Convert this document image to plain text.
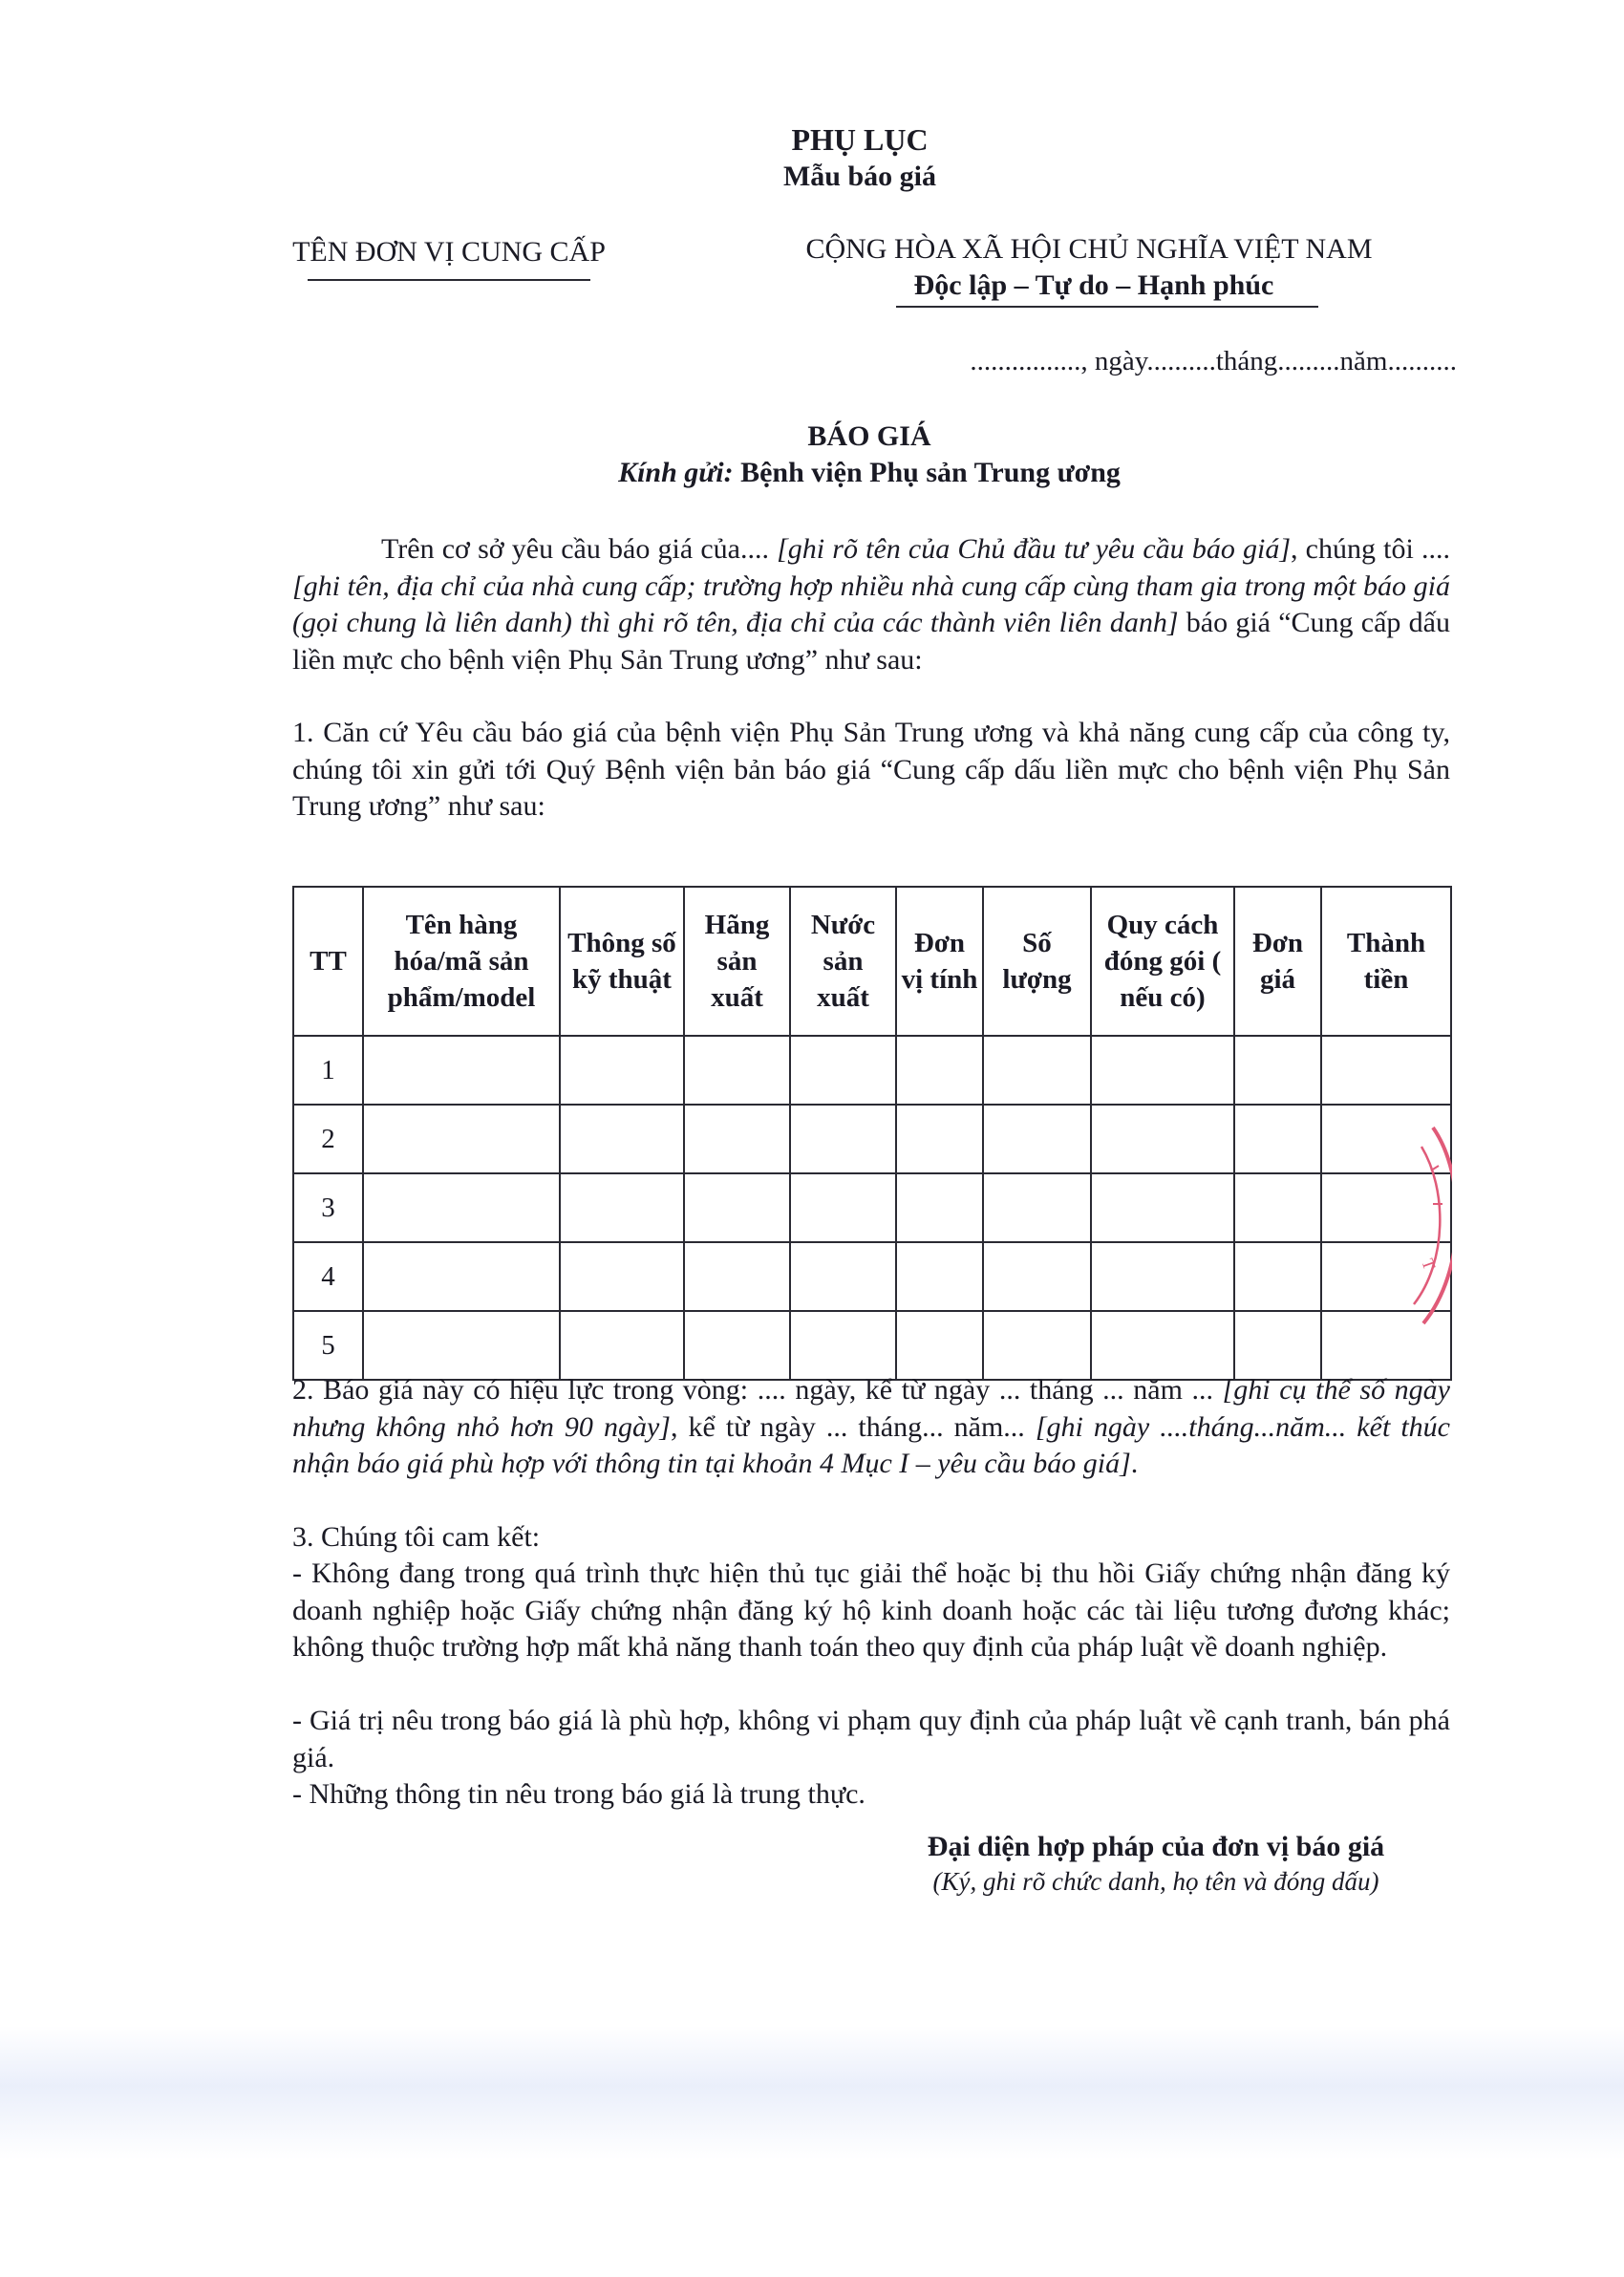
PHỤ LỤC
Mẫu báo giá
TÊN ĐƠN VỊ CUNG CẤP	CỘNG HÒA XÃ HỘI CHỦ NGHĨA VIỆT NAM
Độc lập – Tự do – Hạnh phúc
................, ngày..........tháng.........năm..........
BÁO GIÁ
Kính gửi: Bệnh viện Phụ sản Trung ương
Trên cơ sở yêu cầu báo giá của.... [ghi rõ tên của Chủ đầu tư yêu cầu báo giá], chúng tôi .... [ghi tên, địa chỉ của nhà cung cấp; trường hợp nhiều nhà cung cấp cùng tham gia trong một báo giá (gọi chung là liên danh) thì ghi rõ tên, địa chỉ của các thành viên liên danh] báo giá “Cung cấp dấu liền mực cho bệnh viện Phụ Sản Trung ương” như sau:
1. Căn cứ Yêu cầu báo giá của bệnh viện Phụ Sản Trung ương và khả năng cung cấp của công ty, chúng tôi xin gửi tới Quý Bệnh viện bản báo giá “Cung cấp dấu liền mực cho bệnh viện Phụ Sản Trung ương” như sau:
TT	Tên hàng hóa/mã sản phẩm/model	Thông số kỹ thuật	Hãng sản xuất	Nước sản xuất	Đơn vị tính	Số lượng	Quy cách đóng gói ( nếu có)	Đơn giá	Thành tiền
1									
2									
3									
4									
5									
T
2. Báo giá này có hiệu lực trong vòng: .... ngày, kể từ ngày ... tháng ... năm ... [ghi cụ thể số ngày nhưng không nhỏ hơn 90 ngày], kể từ ngày ... tháng... năm... [ghi ngày ....tháng...năm... kết thúc nhận báo giá phù hợp với thông tin tại khoản 4 Mục I – yêu cầu báo giá].
3. Chúng tôi cam kết:
- Không đang trong quá trình thực hiện thủ tục giải thể hoặc bị thu hồi Giấy chứng nhận đăng ký doanh nghiệp hoặc Giấy chứng nhận đăng ký hộ kinh doanh hoặc các tài liệu tương đương khác; không thuộc trường hợp mất khả năng thanh toán theo quy định của pháp luật về doanh nghiệp.
- Giá trị nêu trong báo giá là phù hợp, không vi phạm quy định của pháp luật về cạnh tranh, bán phá giá.
- Những thông tin nêu trong báo giá là trung thực.
Đại diện hợp pháp của đơn vị báo giá
(Ký, ghi rõ chức danh, họ tên và đóng dấu)
